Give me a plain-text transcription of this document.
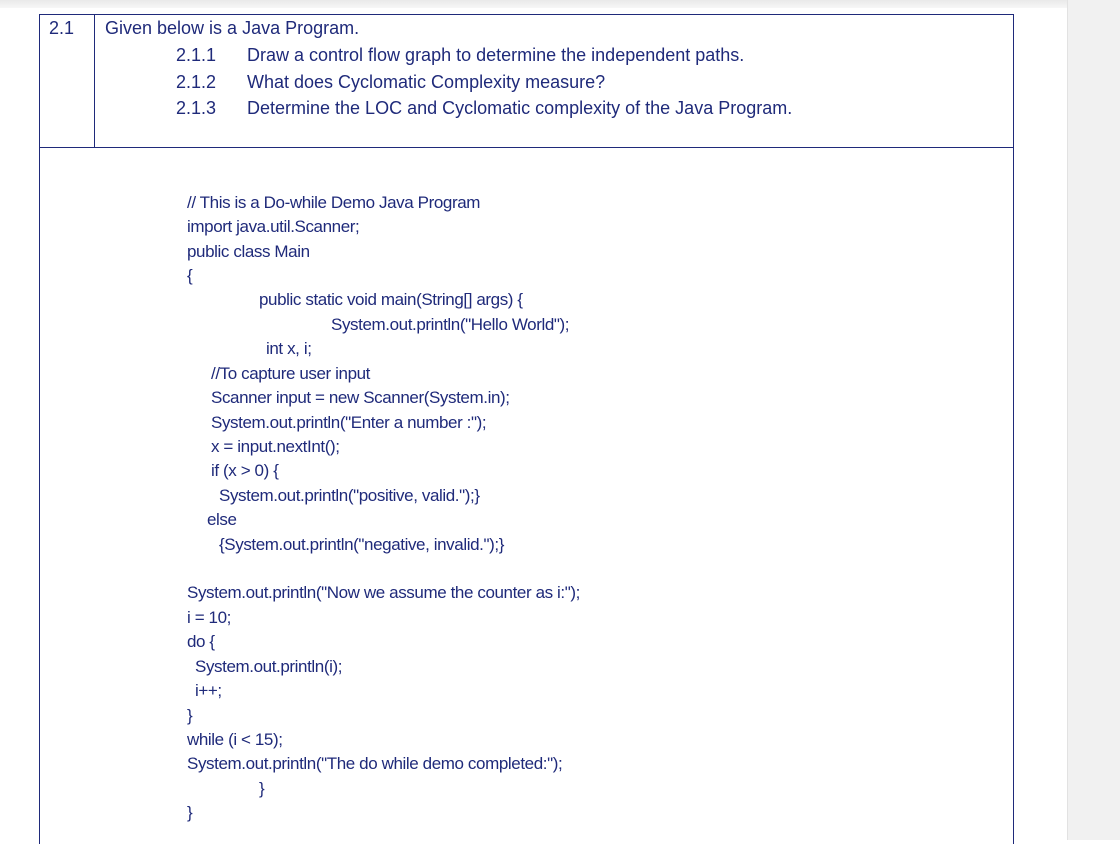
2.1 Given below is a Java Program.
2.1.1 Draw a control flow graph to determine the independent paths.
2.1.2 What does Cyclomatic Complexity measure?
2.1.3 Determine the LOC and Cyclomatic complexity of the Java Program.
// This is a Do-while Demo Java Program
import java.util.Scanner;
public class Main
{
public static void main(String[] args) {
System.out.println("Hello World");
int x, i;
//To capture user input
Scanner input = new Scanner(System.in);
System.out.println("Enter a number :");
x = input.nextInt();
if (x > 0) {
System.out.println("positive, valid.");}
else
{System.out.println("negative, invalid.");}
System.out.println("Now we assume the counter as i:");
i = 10;
do {
System.out.println(i);
i++;
}
while (i < 15);
System.out.println("The do while demo completed:");
}
}
